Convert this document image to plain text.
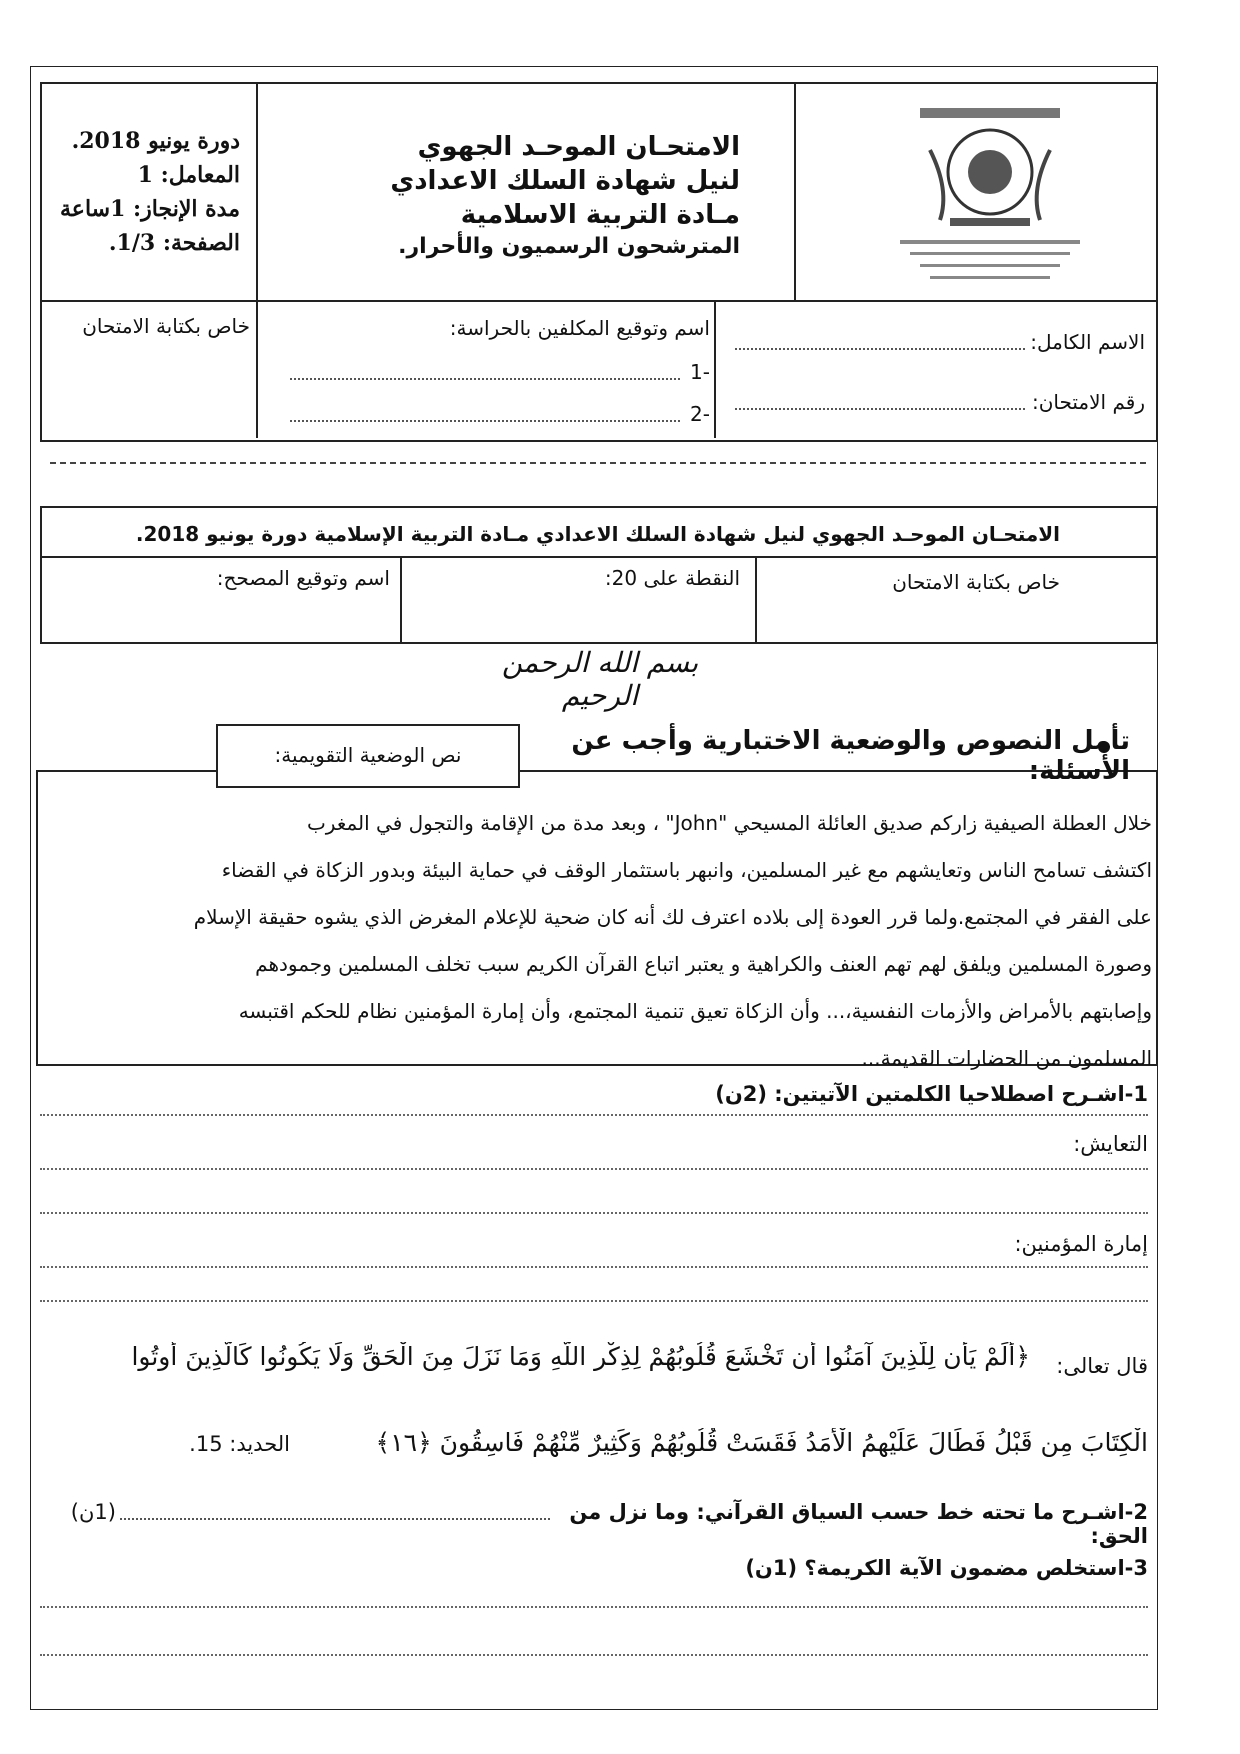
دورة يونيو 2018.
المعامل: 1
مدة الإنجاز: 1ساعة
الصفحة: 1/3.
الامتحـان الموحـد الجهوي
لنيل شهادة السلك الاعدادي
مـادة التربية الاسلامية
المترشحون الرسميون والأحرار.
الاسم الكامل:
رقم الامتحان:
اسم وتوقيع المكلفين بالحراسة:
1-
2-
خاص بكتابة الامتحان
الامتحـان الموحـد الجهوي لنيل شهادة السلك الاعدادي مـادة التربية الإسلامية دورة يونيو 2018.
خاص بكتابة الامتحان
النقطة على 20:
اسم وتوقيع المصحح:
بسم الله الرحمن الرحيم
تأمل النصوص والوضعية الاختبارية وأجب عن الأسئلة:
نص الوضعية التقويمية:
خلال العطلة الصيفية زاركم صديق العائلة المسيحي "John" ، وبعد مدة من الإقامة والتجول في المغرب
اكتشف تسامح الناس وتعايشهم مع غير المسلمين، وانبهر باستثمار الوقف في حماية البيئة وبدور الزكاة في القضاء
على الفقر في المجتمع.ولما قرر العودة إلى بلاده اعترف لك أنه كان ضحية للإعلام المغرض الذي يشوه حقيقة الإسلام
وصورة المسلمين ويلفق لهم تهم العنف والكراهية و يعتبر اتباع القرآن الكريم سبب تخلف المسلمين وجمودهم
وإصابتهم بالأمراض والأزمات النفسية،... وأن الزكاة تعيق تنمية المجتمع، وأن إمارة المؤمنين نظام للحكم اقتبسه
المسلمون من الحضارات القديمة...
1-اشـرح اصطلاحيا الكلمتين الآتيتين: (2ن)
التعايش:
إمارة المؤمنين:
قال تعالى:
﴿أَلَمْ يَأْنِ لِلَّذِينَ آمَنُوا أَن تَخْشَعَ قُلُوبُهُمْ لِذِكْرِ اللَّهِ وَمَا نَزَلَ مِنَ الْحَقِّ وَلَا يَكُونُوا كَالَّذِينَ أُوتُوا
الْكِتَابَ مِن قَبْلُ فَطَالَ عَلَيْهِمُ الْأَمَدُ فَقَسَتْ قُلُوبُهُمْ وَكَثِيرٌ مِّنْهُمْ فَاسِقُونَ ﴿١٦﴾
الحديد: 15.
2-اشـرح ما تحته خط حسب السياق القرآني: وما نزل من الحق:
(1ن)
3-استخلص مضمون الآية الكريمة؟ (1ن)
